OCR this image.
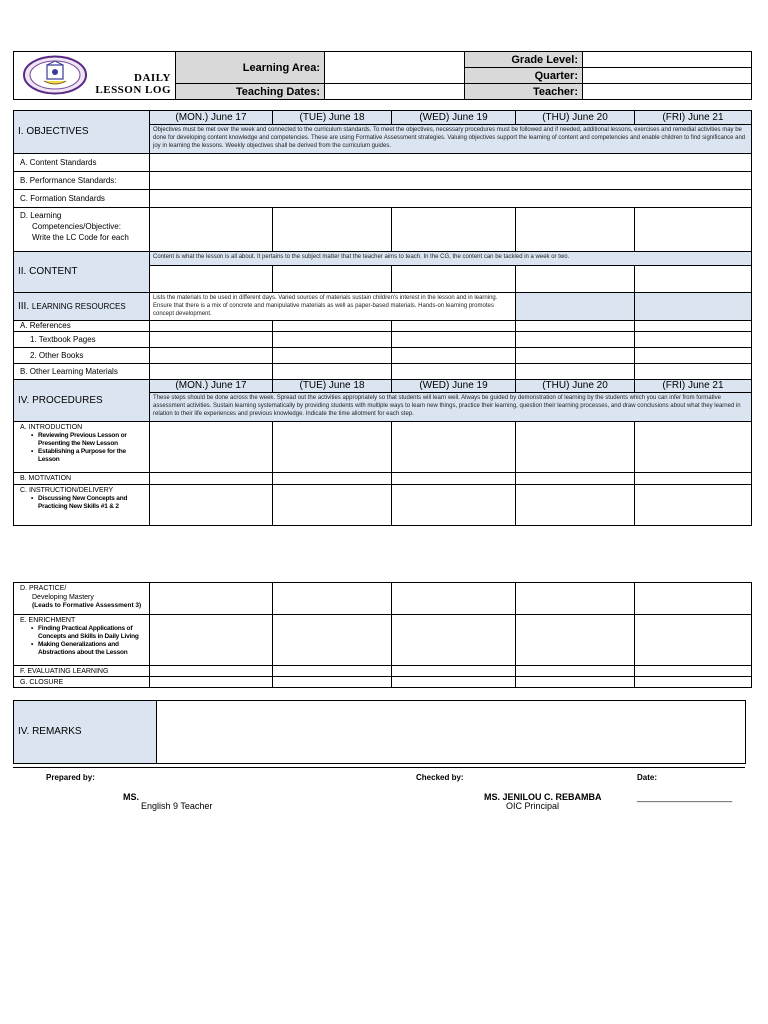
DAILY
LESSON LOG	Learning Area:		Grade Level:	
			Quarter:	
	Teaching Dates:		Teacher:	
I. OBJECTIVES	(MON.) June 17	(TUE) June 18	(WED) June 19	(THU) June 20	(FRI) June 21
	Objectives must be met over the week and connected to the curriculum standards. To meet the objectives, necessary procedures must be followed and if needed, additional lessons, exercises and remedial activities may be done for developing content knowledge and competencies. These are using Formative Assessment strategies. Valuing objectives support the learning of content and competencies and enable children to find significance and joy in learning the lessons. Weekly objectives shall be derived from the curriculum guides.				
A. Content Standards					
B. Performance Standards:					
C. Formation Standards					

D. Learning
Competencies/Objective:
Write the LC Code for each					

II. CONTENT	Content is what the lesson is all about. It pertains to the subject matter that the teacher aims to teach. In the CG, the content can be tackled in a week or two.				

III. LEARNING RESOURCES	Lists the materials to be used in different days. Varied sources of materials sustain children's interest in the lesson and in learning. Ensure that there is a mix of concrete and manipulative materials as well as paper-based materials. Hands-on learning promotes concept development.				
A. References					
1. Textbook Pages					
2. Other Books					
B. Other Learning Materials					
IV. PROCEDURES	(MON.) June 17	(TUE) June 18	(WED) June 19	(THU) June 20	(FRI) June 21
	These steps should be done across the week. Spread out the activities appropriately so that students will learn well. Always be guided by demonstration of learning by the students which you can infer from formative assessment activities. Sustain learning systematically by providing students with multiple ways to learn new things, practice their learning, question their learning processes, and draw conclusions about what they learned in relation to their life experiences and previous knowledge. Indicate the time allotment for each step.				

A. INTRODUCTION
• Reviewing Previous Lesson or Presenting the New Lesson
• Establishing a Purpose for the Lesson

B. MOTIVATION					

C. INSTRUCTION/DELIVERY
• Discussing New Concepts and Practicing New Skills #1 & 2

D. PRACTICE/
Developing Mastery
(Leads to Formative Assessment 3)					

E. ENRICHMENT
• Finding Practical Applications of Concepts and Skills in Daily Living
• Making Generalizations and Abstractions about the Lesson

F. EVALUATING LEARNING					
G. CLOSURE					
IV. REMARKS	
Prepared by:	Checked by:	Date:
MS.
English 9 Teacher
MS. JENILOU C. REBAMBA
OIC Principal
___________________
